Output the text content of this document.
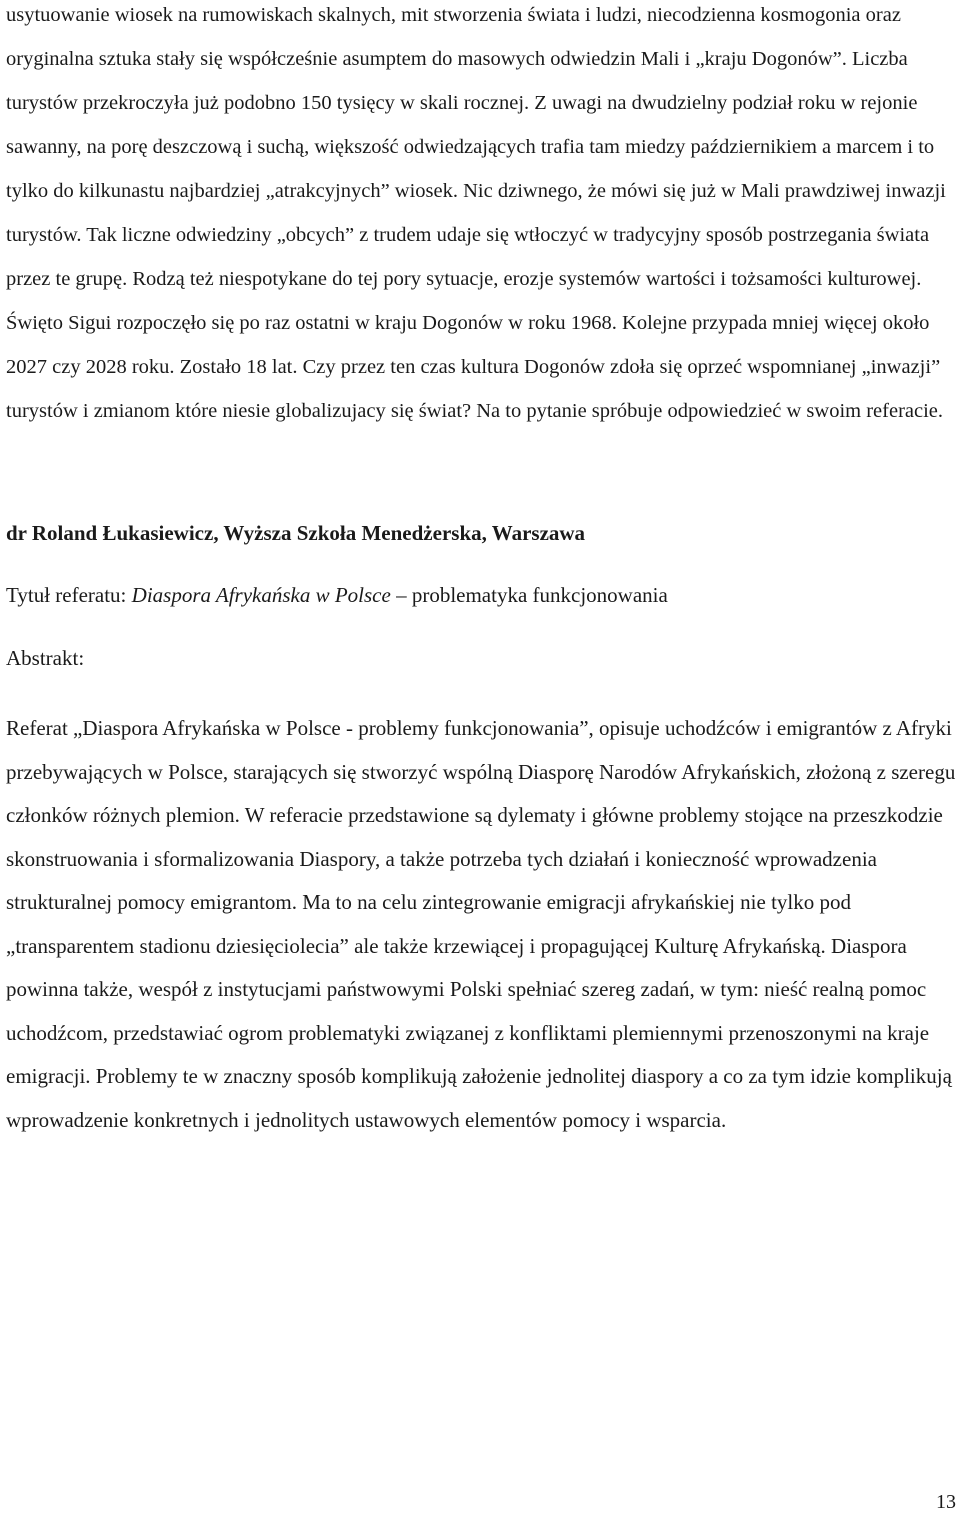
usytuowanie wiosek na rumowiskach skalnych, mit stworzenia świata i ludzi, niecodzienna kosmogonia oraz oryginalna sztuka stały się współcześnie asumptem do masowych odwiedzin Mali i „kraju Dogonów”. Liczba turystów przekroczyła już podobno 150 tysięcy w skali rocznej. Z uwagi na dwudzielny podział roku w rejonie sawanny, na porę deszczową i suchą, większość odwiedzających trafia tam miedzy październikiem a marcem i to tylko do kilkunastu najbardziej „atrakcyjnych” wiosek. Nic dziwnego, że mówi się już w Mali prawdziwej inwazji turystów. Tak liczne odwiedziny „obcych” z trudem udaje się wtłoczyć w tradycyjny sposób postrzegania świata przez te grupę. Rodzą też niespotykane do tej pory sytuacje, erozje systemów wartości i tożsamości kulturowej.

Święto Sigui rozpoczęło się po raz ostatni w kraju Dogonów w roku 1968. Kolejne przypada mniej więcej około 2027 czy 2028 roku. Zostało 18 lat. Czy przez ten czas kultura Dogonów zdoła się oprzeć wspomnianej „inwazji” turystów i zmianom które niesie globalizujacy się świat? Na to pytanie spróbuje odpowiedzieć w swoim referacie.

dr Roland Łukasiewicz, Wyższa Szkoła Menedżerska, Warszawa

Tytuł referatu: Diaspora Afrykańska w Polsce – problematyka funkcjonowania

Abstrakt:

Referat „Diaspora Afrykańska w Polsce - problemy funkcjonowania”, opisuje uchodźców i emigrantów z Afryki przebywających w Polsce, starających się stworzyć wspólną Diasporę Narodów Afrykańskich, złożoną z szeregu członków różnych plemion. W referacie przedstawione są dylematy i główne problemy stojące na przeszkodzie skonstruowania i sformalizowania Diaspory, a także potrzeba tych działań i konieczność wprowadzenia strukturalnej pomocy emigrantom. Ma to na celu zintegrowanie emigracji afrykańskiej nie tylko pod „transparentem stadionu dziesięciolecia” ale także krzewiącej i propagującej Kulturę Afrykańską. Diaspora powinna także, wespół z instytucjami państwowymi Polski spełniać szereg zadań, w tym: nieść realną pomoc uchodźcom, przedstawiać ogrom problematyki związanej z konfliktami plemiennymi przenoszonymi na kraje emigracji. Problemy te w znaczny sposób komplikują założenie jednolitej diaspory a co za tym idzie komplikują wprowadzenie konkretnych i jednolitych ustawowych elementów pomocy i wsparcia.

13
